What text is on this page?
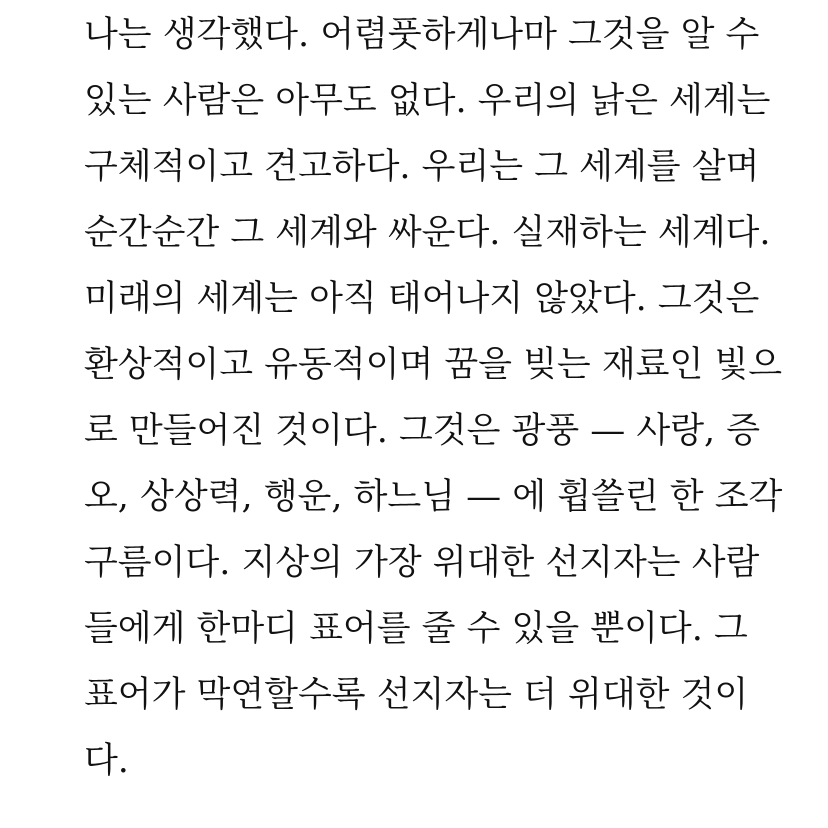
나는 생각했다. 어렴풋하게나마 그것을 알 수
있는 사람은 아무도 없다. 우리의 낡은 세계는
구체적이고 견고하다. 우리는 그 세계를 살며
순간순간 그 세계와 싸운다. 실재하는 세계다.
미래의 세계는 아직 태어나지 않았다. 그것은
환상적이고 유동적이며 꿈을 빚는 재료인 빛으
로 만들어진 것이다. 그것은 광풍 — 사랑, 증
오, 상상력, 행운, 하느님 — 에 휩쓸린 한 조각
구름이다. 지상의 가장 위대한 선지자는 사람
들에게 한마디 표어를 줄 수 있을 뿐이다. 그
표어가 막연할수록 선지자는 더 위대한 것이
다.
